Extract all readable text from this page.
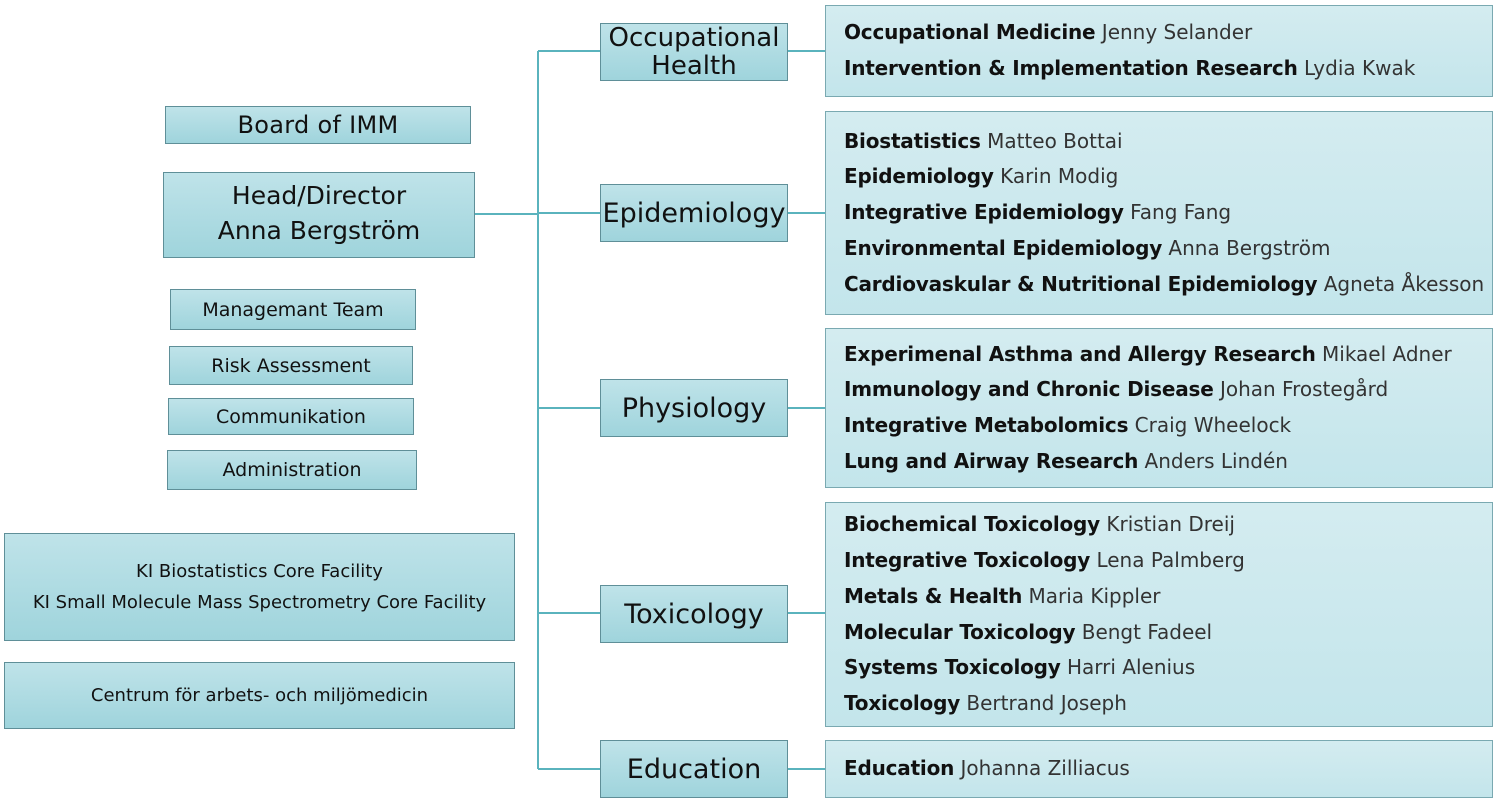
Board of IMM
Head/Director
Anna Bergström
Managemant Team
Risk Assessment
Communikation
Administration
KI Biostatistics Core Facility
KI Small Molecule Mass Spectrometry Core Facility
Centrum för arbets- och miljömedicin
Occupational
Health
Epidemiology
Physiology
Toxicology
Education
Occupational Medicine Jenny Selander
Intervention & Implementation Research Lydia Kwak
Biostatistics Matteo Bottai
Epidemiology Karin Modig
Integrative Epidemiology Fang Fang
Environmental Epidemiology Anna Bergström
Cardiovaskular & Nutritional Epidemiology Agneta Åkesson
Experimenal Asthma and Allergy Research Mikael Adner
Immunology and Chronic Disease Johan Frostegård
Integrative Metabolomics Craig Wheelock
Lung and Airway Research Anders Lindén
Biochemical Toxicology Kristian Dreij
Integrative Toxicology Lena Palmberg
Metals & Health Maria Kippler
Molecular Toxicology Bengt Fadeel
Systems Toxicology Harri Alenius
Toxicology Bertrand Joseph
Education Johanna Zilliacus
